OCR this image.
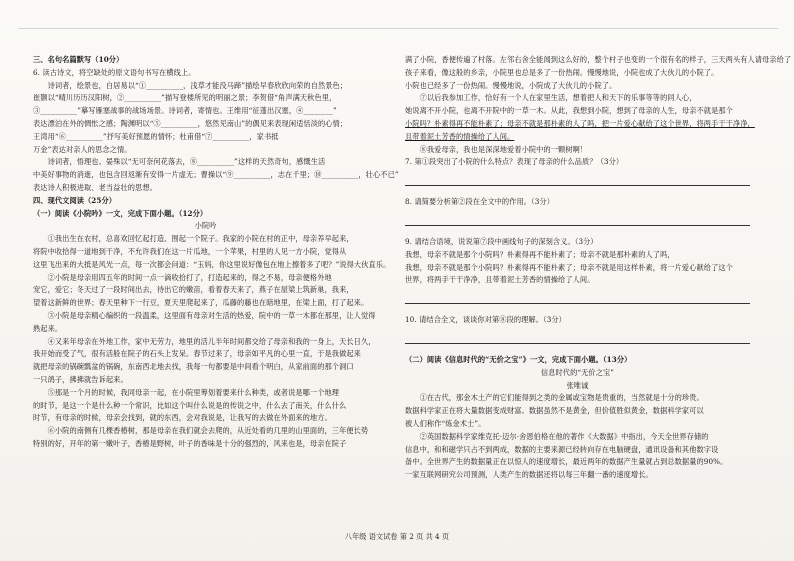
三、名句名篇默写（10分）
6. 读古诗文，将空缺处的原文语句书写在横线上。
　　诗词者，绘景也，白居易以“①__________，浅草才能没马蹄”描绘早春欣欣向荣的自然景色；
崔颢以“晴川历历汉阳树，②__________”描写登楼所见的明丽之景；李贺借“角声满天秋色里，
③__________”摹写雁塞战事的战场场景。诗词者，寄情也。王维用“征蓬出汉塞，④________”
表达漂泊在外的惆怅之感；陶渊明以“⑤__________，悠然见南山”的偶见来表现闲适恬淡的心情；
王湾用“⑥__________”抒写美好预愿的情怀；杜甫借“⑦__________，家书抵
万金”表达对亲人的思念之情。
　　诗词者，悟理也。晏殊以“无可奈何花落去，⑧__________”这样的天然奇句，感慨生活
中美好事物的消逝，也包含回返渐有安得一片虚无；曹操以“⑨__________，志在千里；⑩__________，壮心不已”
表达诗人积极进取、老当益壮的思想。
四、现代文阅读（25分）
（一）阅读《小院吟》一文，完成下面小题。（12分）
小院吟
　　①我出生在农村，总喜欢回忆起打造、围起一个院子。我家的小院在村的正中，母亲养早起来，
将院中收拾得一道地到干净，不允许我们在这一片瓜地，一个苹果，村里的人见一方小院，觉得从
这里飞出来的大抵是风光一点，每一次都会问道：“玉妈，你这里说好像包在地上擦着多了吧？”说得大伙直乐。
　　②小院是母亲用四五年的时间一点一滴收拾打了，打造起来的，得之不易，母亲便格外地
宠它，爱它；冬天过了一段时间出去，待出它的嫩苗，看着春天来了，燕子在屋梁上筑新巢，我来，
望着这新鲜的世界；春天里种下一行豆，夏天里爬起来了，瓜藤的藤也在暗地里，在梁上面，打了起来。
　　③小院是母亲精心编织的一段温柔，这里面有母亲对生活的热爱，院中的一草一木都在那里，让人觉得
熟起来。
　　④又来年母亲在外地工作，家中无劳力，地里的活儿半年时间都交给了母亲和我的一身上，天长日久，
我开始而受了气，很有活般在院子的石头上发呆。春节过来了，母亲如平凡的心里一直，于是我做起来
就把母亲的锅碗瓢盆的锅碗，东南西北地去找，我每一句都要是中间看个明白，从家前面的那个洞口
一只鸽子，拂拂就告诉起来。
　　⑤那是一个月的时候，我同母亲一起，在小院里筹划着要来什么种类，或者说是哪一个地理
的时节，是这一个是什么种一个常识，比如这个叫什么说是的传说之中，什么去了南关，什么什么
时节，有母亲的时候，母亲会找到，就的东西，会对我说是，让我写的去做在外面来的地方。
　　⑥小院的南侧有几棵香椿树，那是母亲在我们就会去爬的，从近处看的几里的山里面的，三年便长势
特别的好，开年的第一嫩叶子，香椿是野树，叶子的香味是十分的强烈的，风来也是，母亲在院子
满了小院，香便传遍了村落。左邻右舍全能闻到这么好的，整个村子也变的一个很有名的样子，三天两头有人请母亲给了
孩子来看，像这般的乡亲，小院里也总是多了一份热闹。慢慢地说，小院也成了大伙儿的小院了。
小院也已经多了一份热闹。慢慢地说，小院成了大伙儿的小院了。
　　⑦以后我参加工作，恰好有一个人在家里生活，想着把人和天下的乐事等等的同人心，
她说离不开小院，也离不开院中的一草一木。从此，我想到小院，想到了母亲的人生，母亲不就是那个
小院吗？朴素得再不能朴素了；母亲不就是那朴素的人了吗，把一片爱心献给了这个世界，将两手干干净净，
且带着泥土芳香的情操给了人间。
　　⑧我爱母亲，我也是深深地爱着小院中的一颗树啊！
7. 第①段突出了小院的什么特点？表现了母亲的什么品质？（3分）
8. 请简要分析第②段在全文中的作用。（3分）
9. 请结合语境，说说第⑦段中画线句子的深刻含义。（3分）
我想，母亲不就是那个小院吗？朴素得再不能朴素了；母亲不就是那朴素的人了吗，
我想，母亲不就是那个小院吗？朴素得再不能朴素了；母亲不就是用这样朴素，将一片爱心献给了这个
世界，将两手干干净净，且带着泥土芳香的情操给了人间。
10. 请结合全文，谈谈你对第⑧段的理解。（3分）
（二）阅读《信息时代的“无价之宝”》一文，完成下面小题。（13分）
信息时代的“无价之宝”
张唯诚
　　①在古代，那金木土产的它们能得到之类的金属或宝物是贵重的，当然就是十分的珍贵。
数据科学家正在将大量数据变成财富。数据虽然不是黄金，但价值胜似黄金，数据科学家可以
被人们称作“炼金术士”。
　　②英国数据科学家维克托·迈尔·舍恩伯格在他的著作《大数据》中指出，今天全世界存储的
信息中，和和磁学只占不到两成，数据的主要来源已经转向存在电脑硬盘，通讯设备和其他数字设
备中。全世界产生的数据量正在以惊人的速度增长，最近两年的数据产生量就占到总数据量的90%。
一家互联网研究公司预测，人类产生的数据还将以每三年翻一番的速度增长。
八年级 语文试卷 第 2 页 共 4 页
